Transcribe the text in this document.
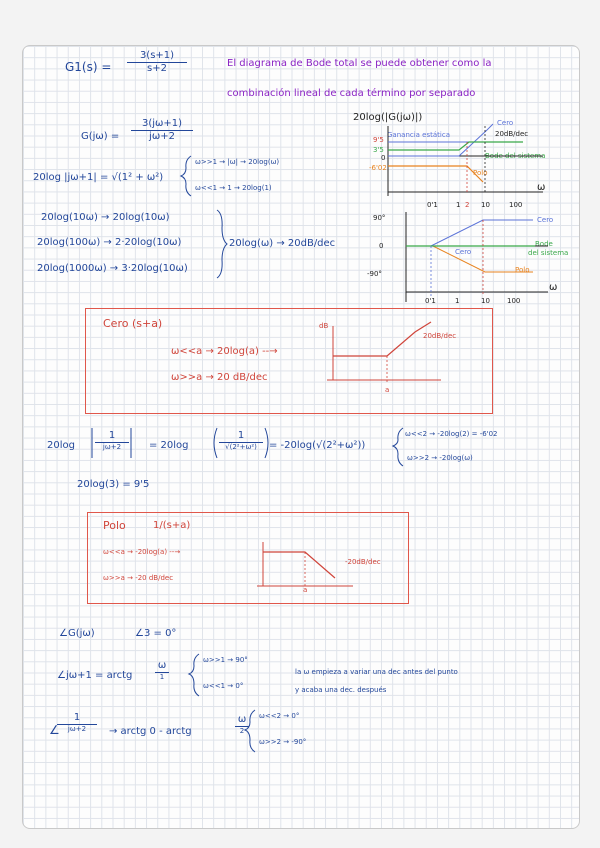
$G1(s) = \frac{3(s+1)}{s+2}$	El diagrama de Bode total se puede obtener como la
combinación lineal de cada término por separado
$G(j\omega) = \frac{3(j\omega+1)}{j\omega+2}$
20log |jω+1| = √(1² + ω²)
ω>>1 → |ω| → 20log(ω)
ω<<1 → 1 → 20log(1)
20log(10ω) → 20log(10ω)
20log(100ω) → 2·20log(10ω)
20log(1000ω) → 3·20log(10ω)
20log(ω) → 20dB/dec
20log(|G(jω)|)
9'5
3'5
0
-6'02
Ganancia estática
Cero
20dB/dec
Bode del sistema
Polo
0'1	1 2 10	100
ω
90°
0
-90°
Cero
Cero
Bode
del sistema
Polo
0'1	1	10 100
ω
Cero (s+a)
ω<<a → 20log(a) --→
ω>>a → 20 dB/dec
dB
20dB/dec
a
20log
1
jω+2	= 20log
1
√(2²+ω²)	= -20log(√(2²+ω²))
ω<<2 → -20log(2) = -6'02
ω>>2 → -20log(ω)
20log(3) = 9'5
Polo	1/(s+a)
ω<<a → -20log(a) --→
ω>>a → -20 dB/dec
-20dB/dec
a
∠G(jω)	∠3 = 0°
∠jω+1 = arctg
ω
1
ω>>1 → 90°
ω<<1 → 0°
la ω empieza a variar una dec antes del punto
y acaba una dec. después
∠
1
jω+2	→ arctg 0 - arctg
ω
2
ω<<2 → 0°
ω>>2 → -90°
